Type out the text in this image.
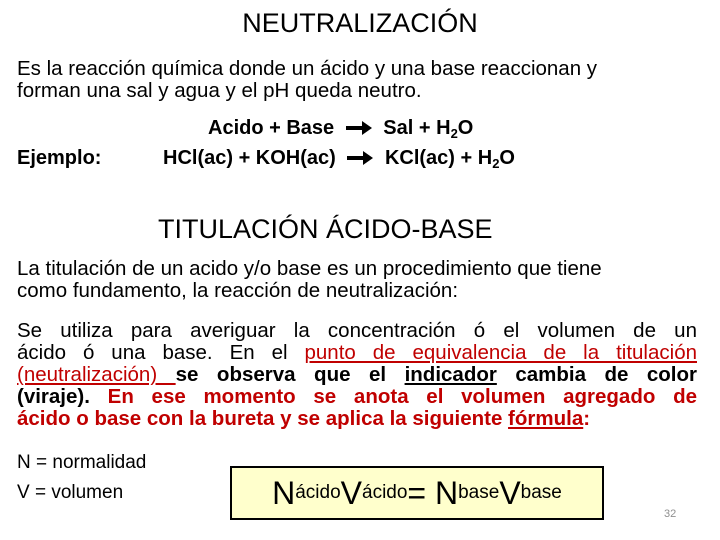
NEUTRALIZACIÓN
Es la reacción química donde un ácido y una base reaccionan y
forman una sal y agua y el pH queda neutro.
Acido + Base Sal + $H_2O$
Ejemplo:	HCl(ac) + KOH(ac) $KCl(ac) + H_2O$
TITULACIÓN ÁCIDO-BASE
La titulación de un acido y/o base es un procedimiento que tiene
como fundamento, la reacción de neutralización:
Se utiliza para averiguar la concentración ó el volumen de un
ácido ó una base. En el punto de equivalencia de la titulación
(neutralización) se observa que el indicador cambia de color
(viraje). En ese momento se anota el volumen agregado de
ácido o base con la bureta y se aplica la siguiente fórmula:
N = normalidad
V = volumen	N ácido V ácido = N base V base
32
